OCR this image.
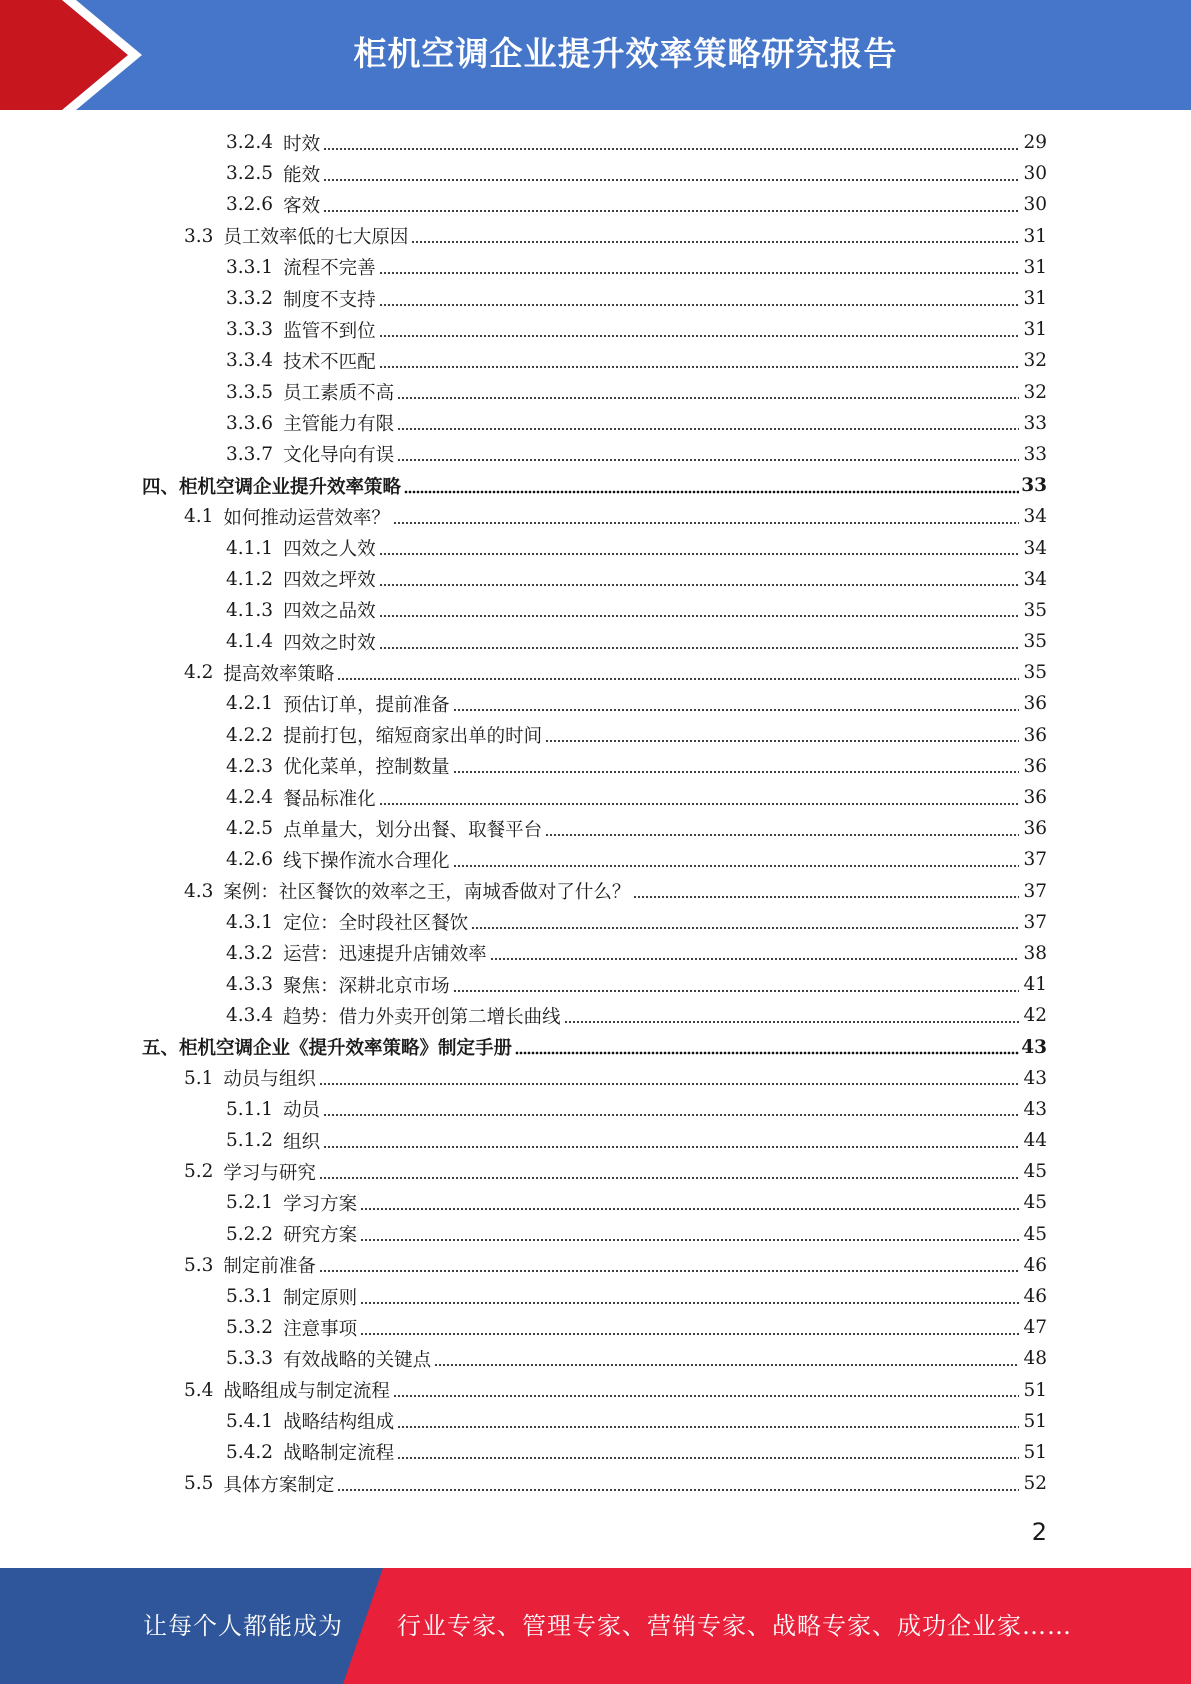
柜机空调企业提升效率策略研究报告
3.2.4 时效	29
3.2.5 能效	30
3.2.6 客效	30
3.3 员工效率低的七大原因	31
3.3.1 流程不完善	31
3.3.2 制度不支持	31
3.3.3 监管不到位	31
3.3.4 技术不匹配	32
3.3.5 员工素质不高	32
3.3.6 主管能力有限	33
3.3.7 文化导向有误	33
四、 柜机空调企业提升效率策略	33
4.1 如何推动运营效率？	34
4.1.1 四效之人效	34
4.1.2 四效之坪效	34
4.1.3 四效之品效	35
4.1.4 四效之时效	35
4.2 提高效率策略	35
4.2.1 预估订单，提前准备	36
4.2.2 提前打包，缩短商家出单的时间	36
4.2.3 优化菜单，控制数量	36
4.2.4 餐品标准化	36
4.2.5 点单量大，划分出餐、取餐平台	36
4.2.6 线下操作流水合理化	37
4.3 案例：社区餐饮的效率之王，南城香做对了什么？	37
4.3.1 定位：全时段社区餐饮	37
4.3.2 运营：迅速提升店铺效率	38
4.3.3 聚焦：深耕北京市场	41
4.3.4 趋势：借力外卖开创第二增长曲线	42
五、 柜机空调企业《提升效率策略》制定手册	43
5.1 动员与组织	43
5.1.1 动员	43
5.1.2 组织	44
5.2 学习与研究	45
5.2.1 学习方案	45
5.2.2 研究方案	45
5.3 制定前准备	46
5.3.1 制定原则	46
5.3.2 注意事项	47
5.3.3 有效战略的关键点	48
5.4 战略组成与制定流程	51
5.4.1 战略结构组成	51
5.4.2 战略制定流程	51
5.5 具体方案制定	52
2
让每个人都能成为 行业专家、管理专家、营销专家、战略专家、成功企业家……
